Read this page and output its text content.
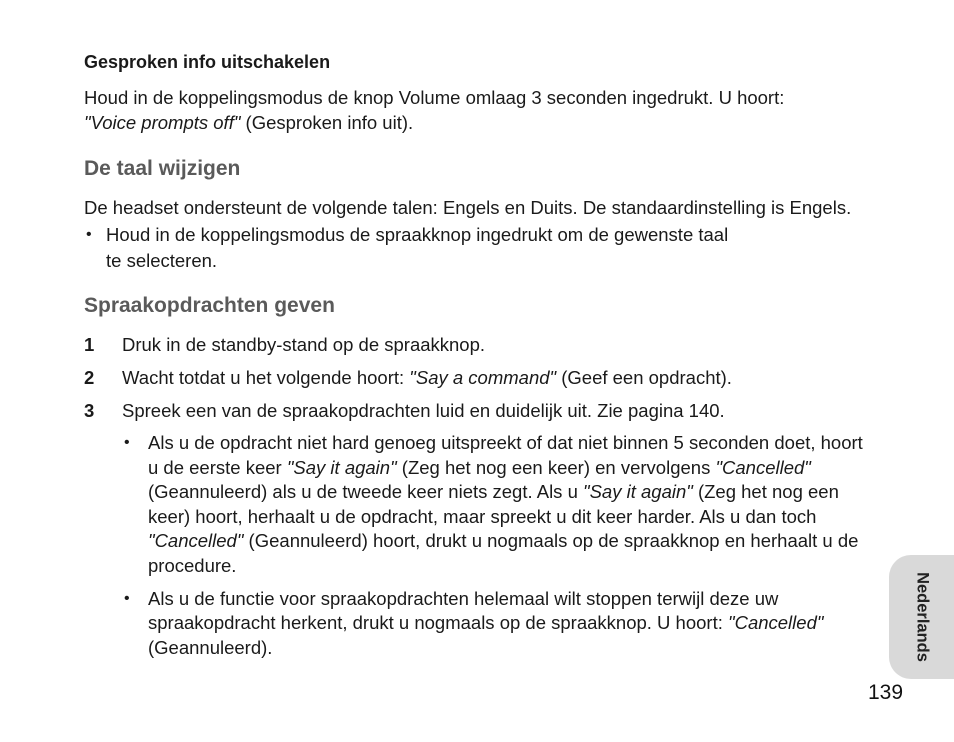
Gesproken info uitschakelen

Houd in de koppelingsmodus de knop Volume omlaag 3 seconden ingedrukt. U hoort:
"Voice prompts off" (Gesproken info uit).

De taal wijzigen

De headset ondersteunt de volgende talen: Engels en Duits. De standaardinstelling is Engels.

• Houd in de koppelingsmodus de spraakknop ingedrukt om de gewenste taal
te selecteren.
Spraakopdrachten geven
1	Druk in de standby-stand op de spraakknop.
2	Wacht totdat u het volgende hoort: "Say a command" (Geef een opdracht).
3	Spreek een van de spraakopdrachten luid en duidelijk uit. Zie pagina 140.
• Als u de opdracht niet hard genoeg uitspreekt of dat niet binnen 5 seconden doet, hoort u de eerste keer "Say it again" (Zeg het nog een keer) en vervolgens "Cancelled" (Geannuleerd) als u de tweede keer niets zegt. Als u "Say it again" (Zeg het nog een keer) hoort, herhaalt u de opdracht, maar spreekt u dit keer harder. Als u dan toch "Cancelled" (Geannuleerd) hoort, drukt u nogmaals op de spraakknop en herhaalt u de procedure.
• Als u de functie voor spraakopdrachten helemaal wilt stoppen terwijl deze uw spraakopdracht herkent, drukt u nogmaals op de spraakknop. U hoort: "Cancelled" (Geannuleerd).	Nederlands
139
